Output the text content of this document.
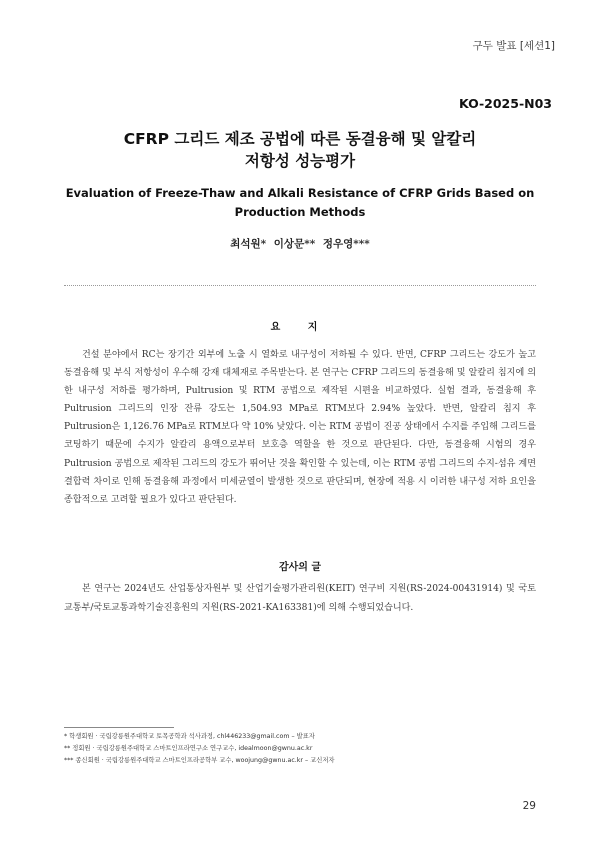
구두 발표 [세션1]
KO-2025-N03
CFRP 그리드 제조 공법에 따른 동결융해 및 알칼리
저항성 성능평가
Evaluation of Freeze-Thaw and Alkali Resistance of CFRP Grids Based on
Production Methods
최석원* 이상문** 정우영***
요 지
건설 분야에서 RC는 장기간 외부에 노출 시 열화로 내구성이 저하될 수 있다. 반면, CFRP 그리드는 강도가 높고 동결융해 및 부식 저항성이 우수해 강재 대체재로 주목받는다. 본 연구는 CFRP 그리드의 동결융해 및 알칼리 침지에 의한 내구성 저하를 평가하며, Pultrusion 및 RTM 공법으로 제작된 시편을 비교하였다. 실험 결과, 동결융해 후 Pultrusion 그리드의 인장 잔류 강도는 1,504.93 MPa로 RTM보다 2.94% 높았다. 반면, 알칼리 침지 후 Pultrusion은 1,126.76 MPa로 RTM보다 약 10% 낮았다. 이는 RTM 공법이 진공 상태에서 수지를 주입해 그리드를 코팅하기 때문에 수지가 알칼리 용액으로부터 보호층 역할을 한 것으로 판단된다. 다만, 동결융해 시험의 경우 Pultrusion 공법으로 제작된 그리드의 강도가 뛰어난 것을 확인할 수 있는데, 이는 RTM 공법 그리드의 수지-섬유 계면 결합력 차이로 인해 동결융해 과정에서 미세균열이 발생한 것으로 판단되며, 현장에 적용 시 이러한 내구성 저하 요인을 종합적으로 고려할 필요가 있다고 판단된다.
감사의 글
본 연구는 2024년도 산업통상자원부 및 산업기술평가관리원(KEIT) 연구비 지원(RS-2024-00431914) 및 국토교통부/국토교통과학기술진흥원의 지원(RS-2021-KA163381)에 의해 수행되었습니다.
* 학생회원 · 국립강릉원주대학교 토목공학과 석사과정, chl446233@gmail.com – 발표자
** 정회원 · 국립강릉원주대학교 스마트인프라연구소 연구교수, idealmoon@gwnu.ac.kr
*** 종신회원 · 국립강릉원주대학교 스마트인프라공학부 교수, woojung@gwnu.ac.kr – 교신저자
29
